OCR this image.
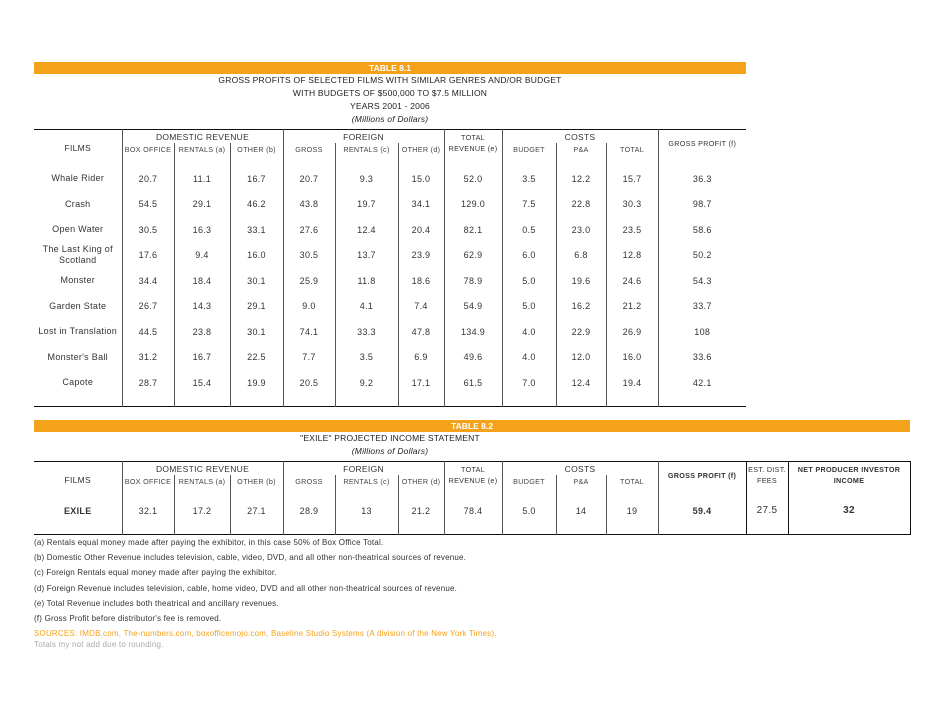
TABLE 8.1
GROSS PROFITS OF SELECTED FILMS WITH SIMILAR GENRES AND/OR BUDGET
WITH BUDGETS OF $500,000 TO $7.5 MILLION
YEARS 2001 - 2006
(Millions of Dollars)
FILMS	DOMESTIC REVENUE			FOREIGN			TOTAL REVENUE (e)	COSTS			GROSS PROFIT (f)
	BOX OFFICE	RENTALS (a)	OTHER (b)	GROSS	RENTALS (c)	OTHER (d)		BUDGET	P&A	TOTAL	

Whale Rider	20.7	11.1	16.7	20.7	9.3	15.0	52.0	3.5	12.2	15.7	36.3
Crash	54.5	29.1	46.2	43.8	19.7	34.1	129.0	7.5	22.8	30.3	98.7
Open Water	30.5	16.3	33.1	27.6	12.4	20.4	82.1	0.5	23.0	23.5	58.6
The Last King of Scotland	17.6	9.4	16.0	30.5	13.7	23.9	62.9	6.0	6.8	12.8	50.2
Monster	34.4	18.4	30.1	25.9	11.8	18.6	78.9	5.0	19.6	24.6	54.3
Garden State	26.7	14.3	29.1	9.0	4.1	7.4	54.9	5.0	16.2	21.2	33.7
Lost in Translation	44.5	23.8	30.1	74.1	33.3	47.8	134.9	4.0	22.9	26.9	108
Monster's Ball	31.2	16.7	22.5	7.7	3.5	6.9	49.6	4.0	12.0	16.0	33.6
Capote	28.7	15.4	19.9	20.5	9.2	17.1	61.5	7.0	12.4	19.4	42.1

TABLE 8.2
"EXILE" PROJECTED INCOME STATEMENT
(Millions of Dollars)
FILMS	DOMESTIC REVENUE			FOREIGN			TOTAL REVENUE (e)	COSTS			GROSS PROFIT (f)	EST. DIST. FEES	NET PRODUCER INVESTOR INCOME
	BOX OFFICE	RENTALS (a)	OTHER (b)	GROSS	RENTALS (c)	OTHER (d)		BUDGET	P&A	TOTAL			

EXILE	32.1	17.2	27.1	28.9	13	21.2	78.4	5.0	14	19	59.4	27.5	32

(a) Rentals equal money made after paying the exhibitor, in this case 50% of Box Office Total.
(b) Domestic Other Revenue includes television, cable, video, DVD, and all other non-theatrical sources of revenue.
(c) Foreign Rentals equal money made after paying the exhibitor.
(d) Foreign Revenue includes television, cable, home video, DVD and all other non-theatrical sources of revenue.
(e) Total Revenue includes both theatrical and ancillary revenues.
(f) Gross Profit before distributor's fee is removed.
SOURCES: IMDB.com, The-numbers.com, boxofficemojo.com, Baseline Studio Systems (A division of the New York Times).
Totals my not add due to rounding.
